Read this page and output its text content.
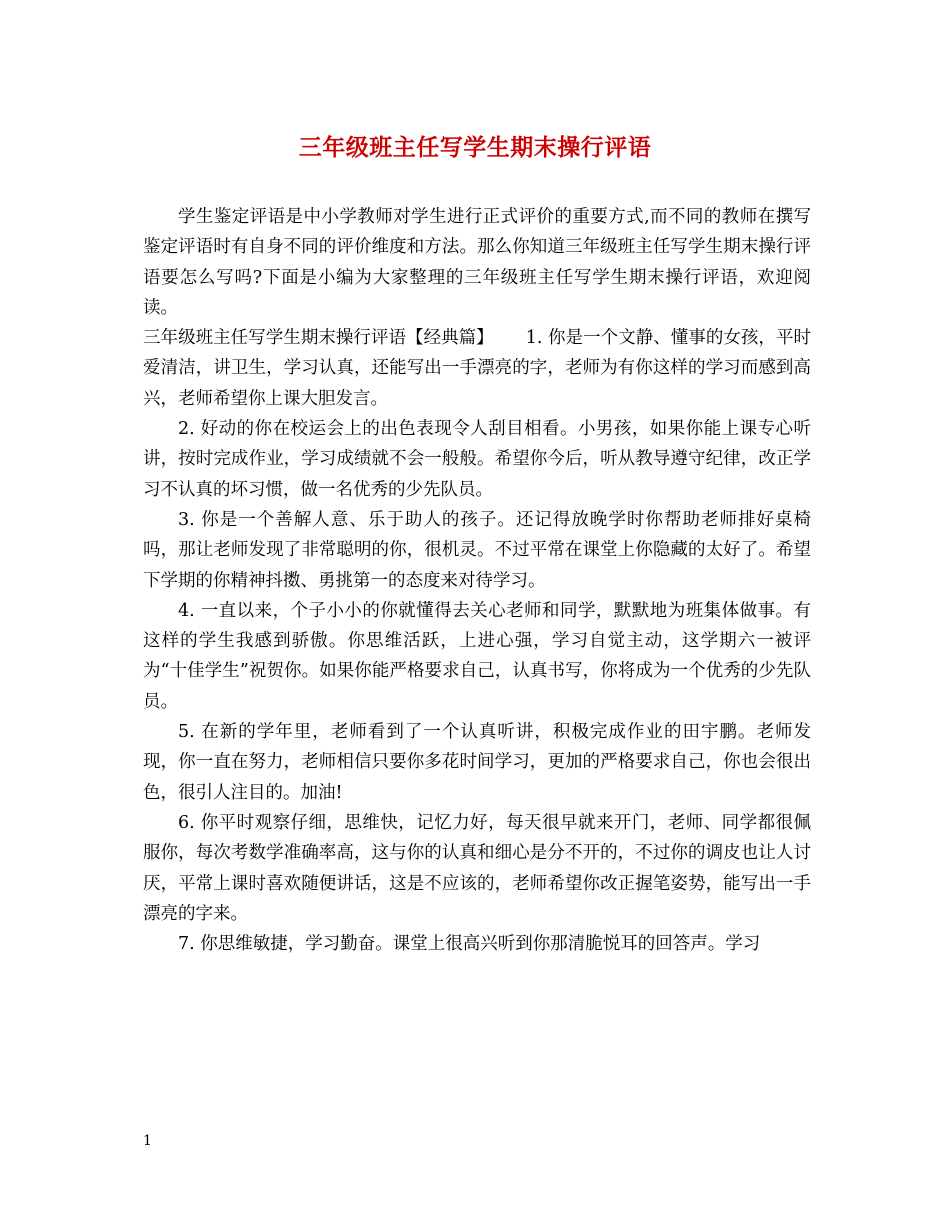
三年级班主任写学生期末操行评语

学生鉴定评语是中小学教师对学生进行正式评价的重要方式,而不同的教师在撰写鉴定评语时有自身不同的评价维度和方法。那么你知道三年级班主任写学生期末操行评语要怎么写吗?下面是小编为大家整理的三年级班主任写学生期末操行评语，欢迎阅读。

三年级班主任写学生期末操行评语【经典篇】 1. 你是一个文静、懂事的女孩，平时爱清洁，讲卫生，学习认真，还能写出一手漂亮的字，老师为有你这样的学习而感到高兴，老师希望你上课大胆发言。

2. 好动的你在校运会上的出色表现令人刮目相看。小男孩，如果你能上课专心听讲，按时完成作业，学习成绩就不会一般般。希望你今后，听从教导遵守纪律，改正学习不认真的坏习惯，做一名优秀的少先队员。

3. 你是一个善解人意、乐于助人的孩子。还记得放晚学时你帮助老师排好桌椅吗，那让老师发现了非常聪明的你，很机灵。不过平常在课堂上你隐藏的太好了。希望下学期的你精神抖擞、勇挑第一的态度来对待学习。

4. 一直以来，个子小小的你就懂得去关心老师和同学，默默地为班集体做事。有这样的学生我感到骄傲。你思维活跃，上进心强，学习自觉主动，这学期六一被评为“十佳学生”祝贺你。如果你能严格要求自己，认真书写，你将成为一个优秀的少先队员。

5. 在新的学年里，老师看到了一个认真听讲，积极完成作业的田宇鹏。老师发现，你一直在努力，老师相信只要你多花时间学习，更加的严格要求自己，你也会很出色，很引人注目的。加油!

6. 你平时观察仔细，思维快，记忆力好，每天很早就来开门，老师、同学都很佩服你，每次考数学准确率高，这与你的认真和细心是分不开的，不过你的调皮也让人讨厌，平常上课时喜欢随便讲话，这是不应该的，老师希望你改正握笔姿势，能写出一手漂亮的字来。

7. 你思维敏捷，学习勤奋。课堂上很高兴听到你那清脆悦耳的回答声。学习

1
